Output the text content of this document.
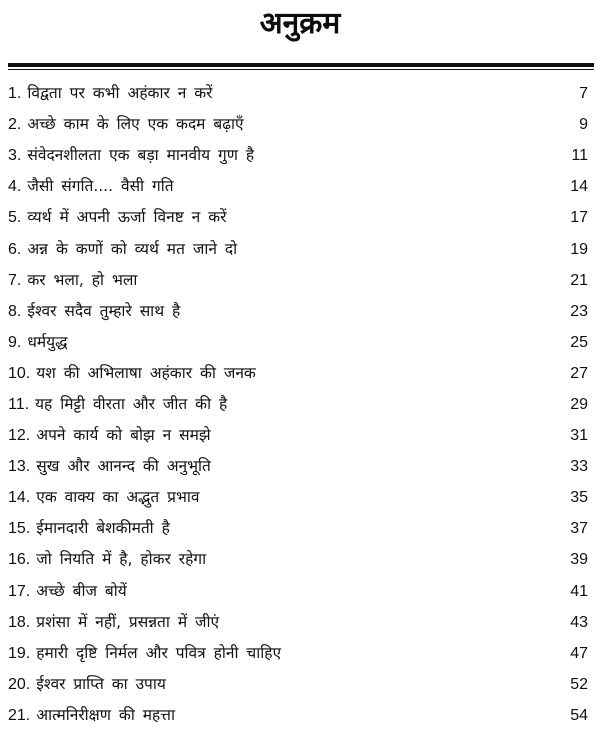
अनुक्रम
1. विद्वता पर कभी अहंकार न करें	7
2. अच्छे काम के लिए एक कदम बढ़ाएँ	9
3. संवेदनशीलता एक बड़ा मानवीय गुण है	11
4. जैसी संगति.... वैसी गति	14
5. व्यर्थ में अपनी ऊर्जा विनष्ट न करें	17
6. अन्न के कणों को व्यर्थ मत जाने दो	19
7. कर भला, हो भला	21
8. ईश्वर सदैव तुम्हारे साथ है	23
9. धर्मयुद्ध	25
10. यश की अभिलाषा अहंकार की जनक	27
11. यह मिट्टी वीरता और जीत की है	29
12. अपने कार्य को बोझ न समझे	31
13. सुख और आनन्द की अनुभूति	33
14. एक वाक्य का अद्भुत प्रभाव	35
15. ईमानदारी बेशकीमती है	37
16. जो नियति में है, होकर रहेगा	39
17. अच्छे बीज बोयें	41
18. प्रशंसा में नहीं, प्रसन्नता में जीएं	43
19. हमारी दृष्टि निर्मल और पवित्र होनी चाहिए	47
20. ईश्वर प्राप्ति का उपाय	52
21. आत्मनिरीक्षण की महत्ता	54
